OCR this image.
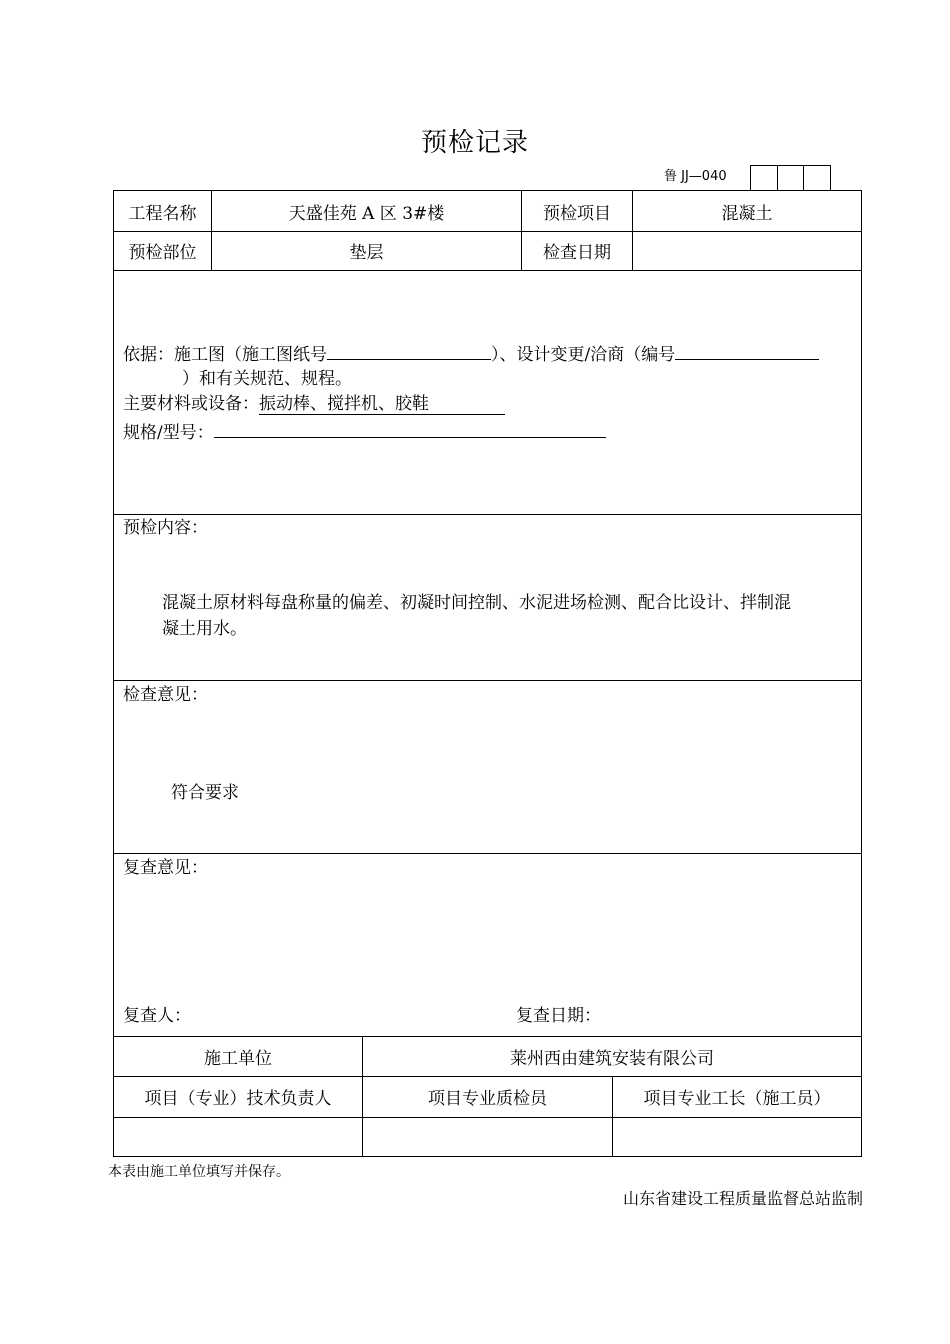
预检记录
鲁 JJ—040
工程名称	天盛佳苑 A 区 3#楼	预检项目	混凝土
预检部位	垫层	检查日期
依据：施工图（施工图纸号	）、设计变更/洽商（编号
）和有关规范、规程。
主要材料或设备：振动棒、搅拌机、胶鞋
规格/型号：
预检内容：
混凝土原材料每盘称量的偏差、初凝时间控制、水泥进场检测、配合比设计、拌制混
凝土用水。
检查意见：
符合要求
复查意见：
复查人：	复查日期：
施工单位	莱州西由建筑安装有限公司
项目（专业）技术负责人	项目专业质检员	项目专业工长（施工员）
本表由施工单位填写并保存。
山东省建设工程质量监督总站监制
